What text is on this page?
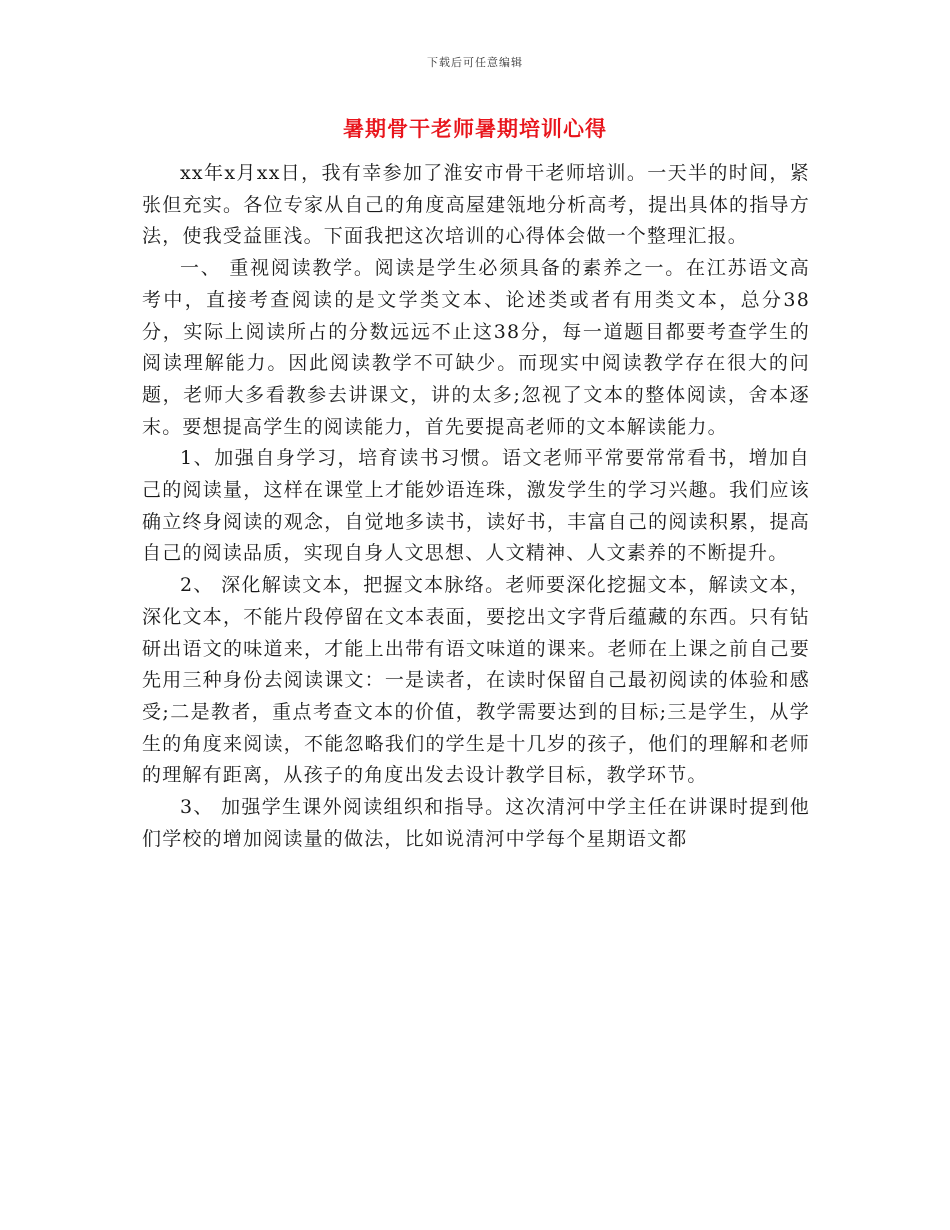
下载后可任意编辑
暑期骨干老师暑期培训心得

xx年x月xx日，我有幸参加了淮安市骨干老师培训。一天半的时间，紧张但充实。各位专家从自己的角度高屋建瓴地分析高考，提出具体的指导方法，使我受益匪浅。下面我把这次培训的心得体会做一个整理汇报。

一、 重视阅读教学。阅读是学生必须具备的素养之一。在江苏语文高考中，直接考查阅读的是文学类文本、论述类或者有用类文本，总分38分，实际上阅读所占的分数远远不止这38分，每一道题目都要考查学生的阅读理解能力。因此阅读教学不可缺少。而现实中阅读教学存在很大的问题，老师大多看教参去讲课文，讲的太多;忽视了文本的整体阅读，舍本逐末。要想提高学生的阅读能力，首先要提高老师的文本解读能力。

1、加强自身学习，培育读书习惯。语文老师平常要常常看书，增加自己的阅读量，这样在课堂上才能妙语连珠，激发学生的学习兴趣。我们应该确立终身阅读的观念，自觉地多读书，读好书，丰富自己的阅读积累，提高自己的阅读品质，实现自身人文思想、人文精神、人文素养的不断提升。

2、 深化解读文本，把握文本脉络。老师要深化挖掘文本，解读文本，深化文本，不能片段停留在文本表面，要挖出文字背后蕴藏的东西。只有钻研出语文的味道来，才能上出带有语文味道的课来。老师在上课之前自己要先用三种身份去阅读课文：一是读者，在读时保留自己最初阅读的体验和感受;二是教者，重点考查文本的价值，教学需要达到的目标;三是学生，从学生的角度来阅读，不能忽略我们的学生是十几岁的孩子，他们的理解和老师的理解有距离，从孩子的角度出发去设计教学目标，教学环节。

3、 加强学生课外阅读组织和指导。这次清河中学主任在讲课时提到他们学校的增加阅读量的做法，比如说清河中学每个星期语文都
